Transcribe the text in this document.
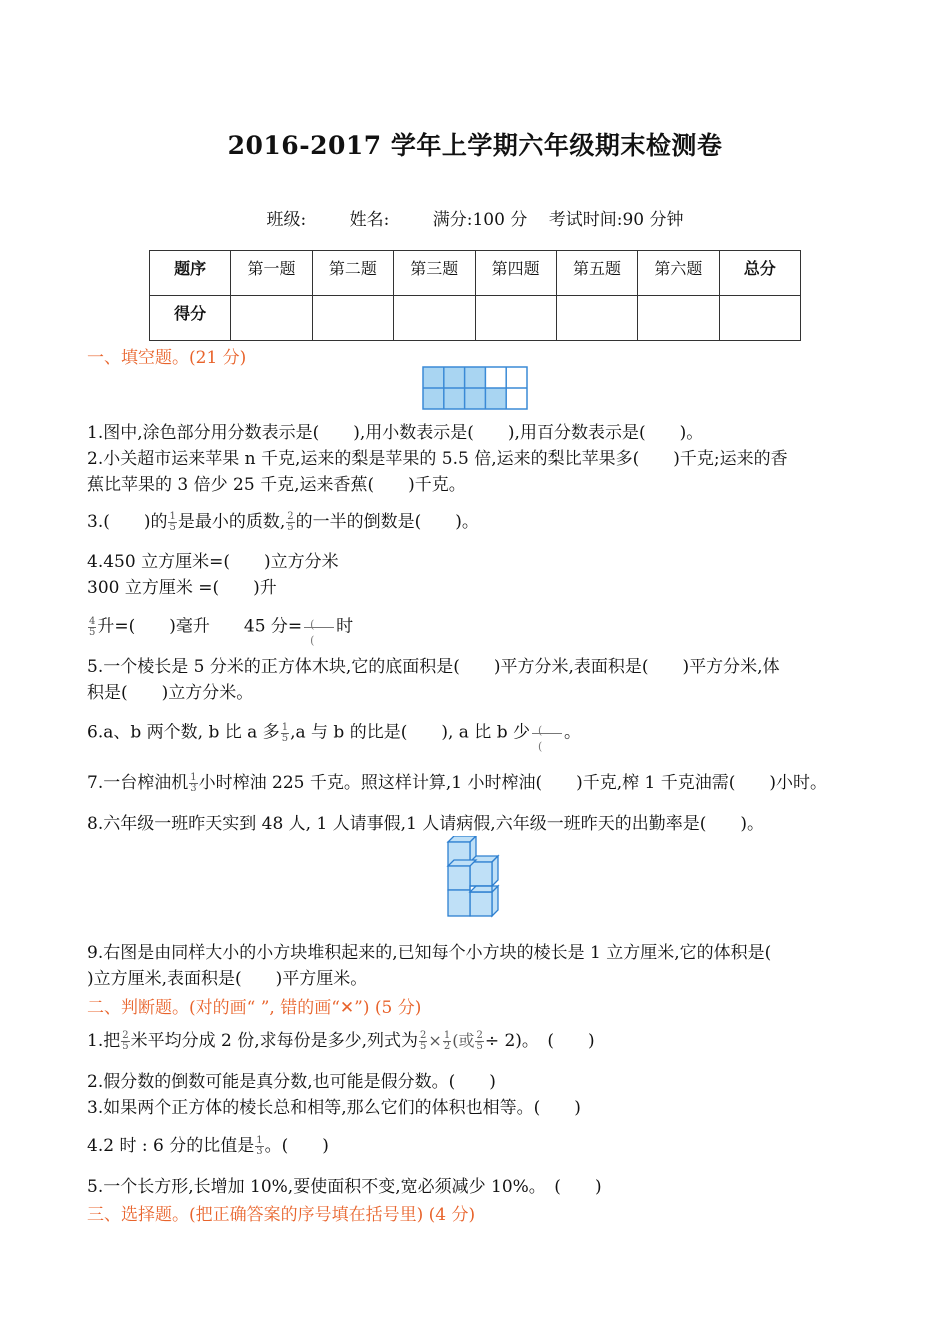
2016-2017 学年上学期六年级期末检测卷
班级:	姓名:	满分:100 分 考试时间:90 分钟
题序	第一题	第二题	第三题	第四题	第五题	第六题	总分
得分							
一、填空题。(21 分)
1.图中,涂色部分用分数表示是(　　),用小数表示是(　　),用百分数表示是(　　)。
2.小关超市运来苹果 n 千克,运来的梨是苹果的 5.5 倍,运来的梨比苹果多(　　)千克;运来的香
蕉比苹果的 3 倍少 25 千克,运来香蕉(　　)千克。
3.(　　)的 $\frac{1}{5}$ 是最小的质数, $\frac{2}{5}$ 的一半的倒数是(　　)。
4.450 立方厘米=(　　)立方分米
300 立方厘米 =(　　)升
$\frac{4}{5}$ 升=(　　)毫升　　45 分= (
(
时
5.一个棱长是 5 分米的正方体木块,它的底面积是(　　)平方分米,表面积是(　　)平方分米,体
积是(　　)立方分米。
6.a、b 两个数, b 比 a 多 $\frac{1}{5} ,a$ 与 b 的比是(　　), a 比 b 少 (
(
。
7.一台榨油机 $\frac{1}{3}$ 小时榨油 225 千克。照这样计算,1 小时榨油(　　)千克,榨 1 千克油需(　　)小时。
8.六年级一班昨天实到 48 人, 1 人请事假,1 人请病假,六年级一班昨天的出勤率是(　　)。
9.右图是由同样大小的小方块堆积起来的,已知每个小方块的棱长是 1 立方厘米,它的体积是(
)立方厘米,表面积是(　　)平方厘米。
二、判断题。(对的画“ ”, 错的画“✕”) (5 分)
1.把 $\frac{2}{5}$ 米平均分成 2 份,求每份是多少,列式为 $\frac{2}{5} \times \frac{1}{2}$ (或 $\frac{2}{5} \div 2$)。　(　　)
2.假分数的倒数可能是真分数,也可能是假分数。(　　)
3.如果两个正方体的棱长总和相等,那么它们的体积也相等。(　　)
4.2 时 : 6 分的比值是 $\frac{1}{3}$ 。(　　)
5.一个长方形,长增加 10%,要使面积不变,宽必须减少 10%。　(　　)
三、选择题。(把正确答案的序号填在括号里) (4 分)
